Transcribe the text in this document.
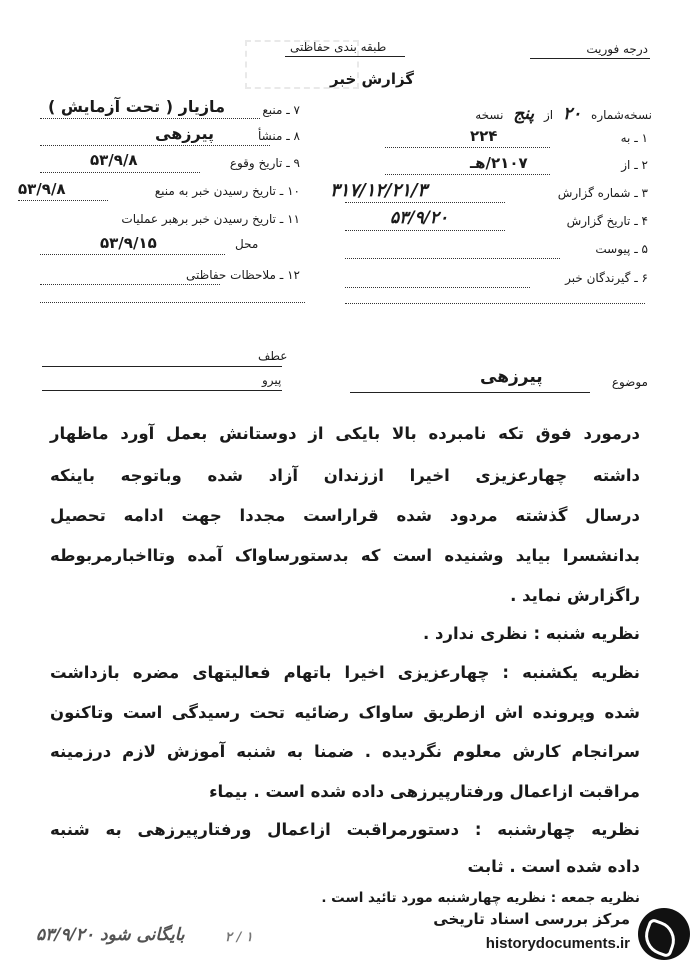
طبقه بندی حفاظتی	درجه فوریت
گزارش خبر
نسخه‌شماره ۲۰ از پنج نسخه
۱ ـ به
۲۲۴
۲ ـ از
۲۱۰۷/هـ
۳ ـ شماره گزارش
۳۱۷/۱۲/۲۱/۳
۴ ـ تاریخ گزارش
۵۳/۹/۲۰
۵ ـ پیوست
۶ ـ گیرندگان خبر
۷ ـ منبع
مازیار ( تحت آزمایش )
۸ ـ منشأ
پیرزهی
۹ ـ تاریخ وقوع
۵۳/۹/۸
۱۰ ـ تاریخ رسیدن خبر به منبع
۵۳/۹/۸
۱۱ ـ تاریخ رسیدن خبر برهبر عملیات
محل
۵۳/۹/۱۵
۱۲ ـ ملاحظات حفاظتی
عطف
پیرو	موضوع
پیرزهی
درمورد فوق تکه نامبرده بالا بایکی از دوستانش بعمل آورد ماظهار
داشته چهارعزیزی اخیرا اززندان آزاد شده وباتوجه باینکه
درسال گذشته مردود شده قراراست مجددا جهت ادامه تحصیل
بدانشسرا بیاید وشنیده است که بدستورساواک آمده وتااخبارمربوطه
راگزارش نماید .
نظریه شنبه : نظری ندارد .
نظریه یکشنبه : چهارعزیزی اخیرا باتهام فعالیتهای مضره بازداشت
شده وپرونده اش ازطریق ساواک رضائیه تحت رسیدگی است وتاکنون
سرانجام کارش معلوم نگردیده . ضمنا به شنبه آموزش لازم درزمینه
مراقبت ازاعمال ورفتارپیرزهی داده شده است . بیماء
نظریه چهارشنبه : دستورمراقبت ازاعمال ورفتارپیرزهی به شنبه
داده شده است . ثابت
نظریه جمعه : نظریه چهارشنبه مورد تائید است .
بایگانی شود ۵۳/۹/۲۰	۲ / ۱
مرکز بررسی اسناد تاریخی
historydocuments.ir
